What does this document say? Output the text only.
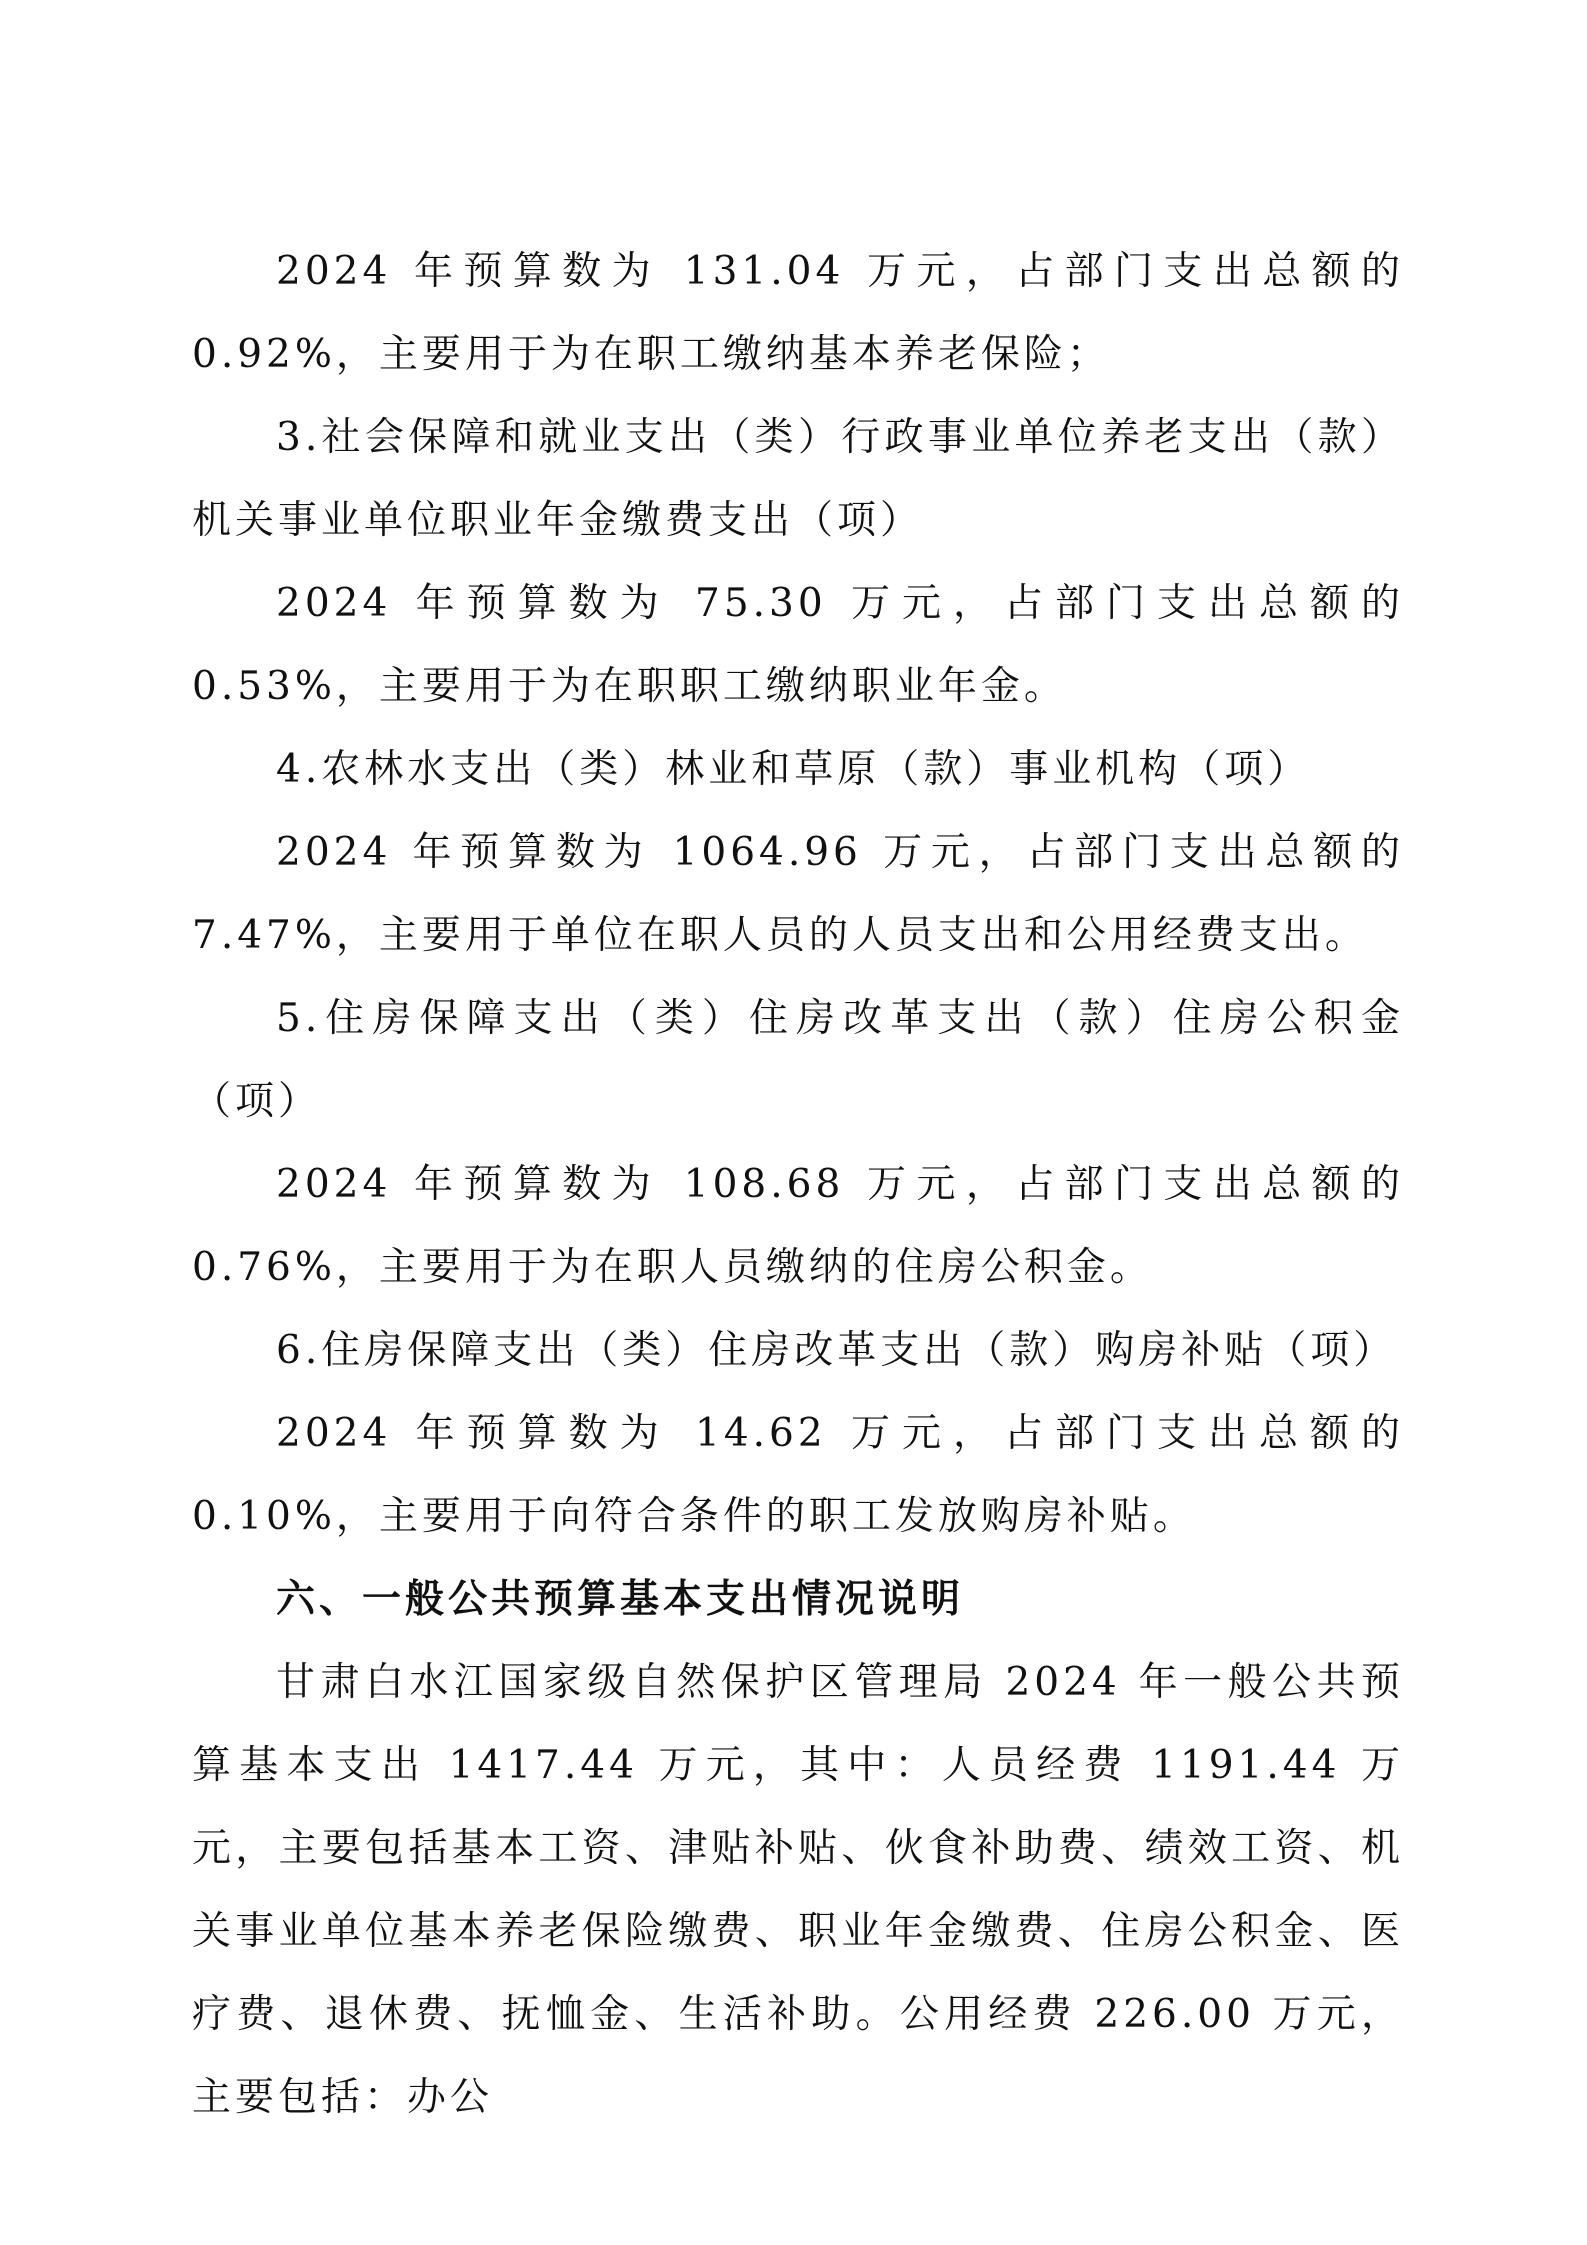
2024 年预算数为 131.04 万元，占部门支出总额的 0.92%，主要用于为在职工缴纳基本养老保险；

3.社会保障和就业支出（类）行政事业单位养老支出（款）机关事业单位职业年金缴费支出（项）

2024 年预算数为 75.30 万元，占部门支出总额的 0.53%，主要用于为在职职工缴纳职业年金。

4.农林水支出（类）林业和草原（款）事业机构（项）

2024 年预算数为 1064.96 万元，占部门支出总额的 7.47%，主要用于单位在职人员的人员支出和公用经费支出。

5.住房保障支出（类）住房改革支出（款）住房公积金（项）

2024 年预算数为 108.68 万元，占部门支出总额的 0.76%，主要用于为在职人员缴纳的住房公积金。

6.住房保障支出（类）住房改革支出（款）购房补贴（项）

2024 年预算数为 14.62 万元，占部门支出总额的 0.10%，主要用于向符合条件的职工发放购房补贴。

六、一般公共预算基本支出情况说明

甘肃白水江国家级自然保护区管理局 2024 年一般公共预算基本支出 1417.44 万元，其中：人员经费 1191.44 万元，主要包括基本工资、津贴补贴、伙食补助费、绩效工资、机关事业单位基本养老保险缴费、职业年金缴费、住房公积金、医疗费、退休费、抚恤金、生活补助。公用经费 226.00 万元，主要包括：办公
